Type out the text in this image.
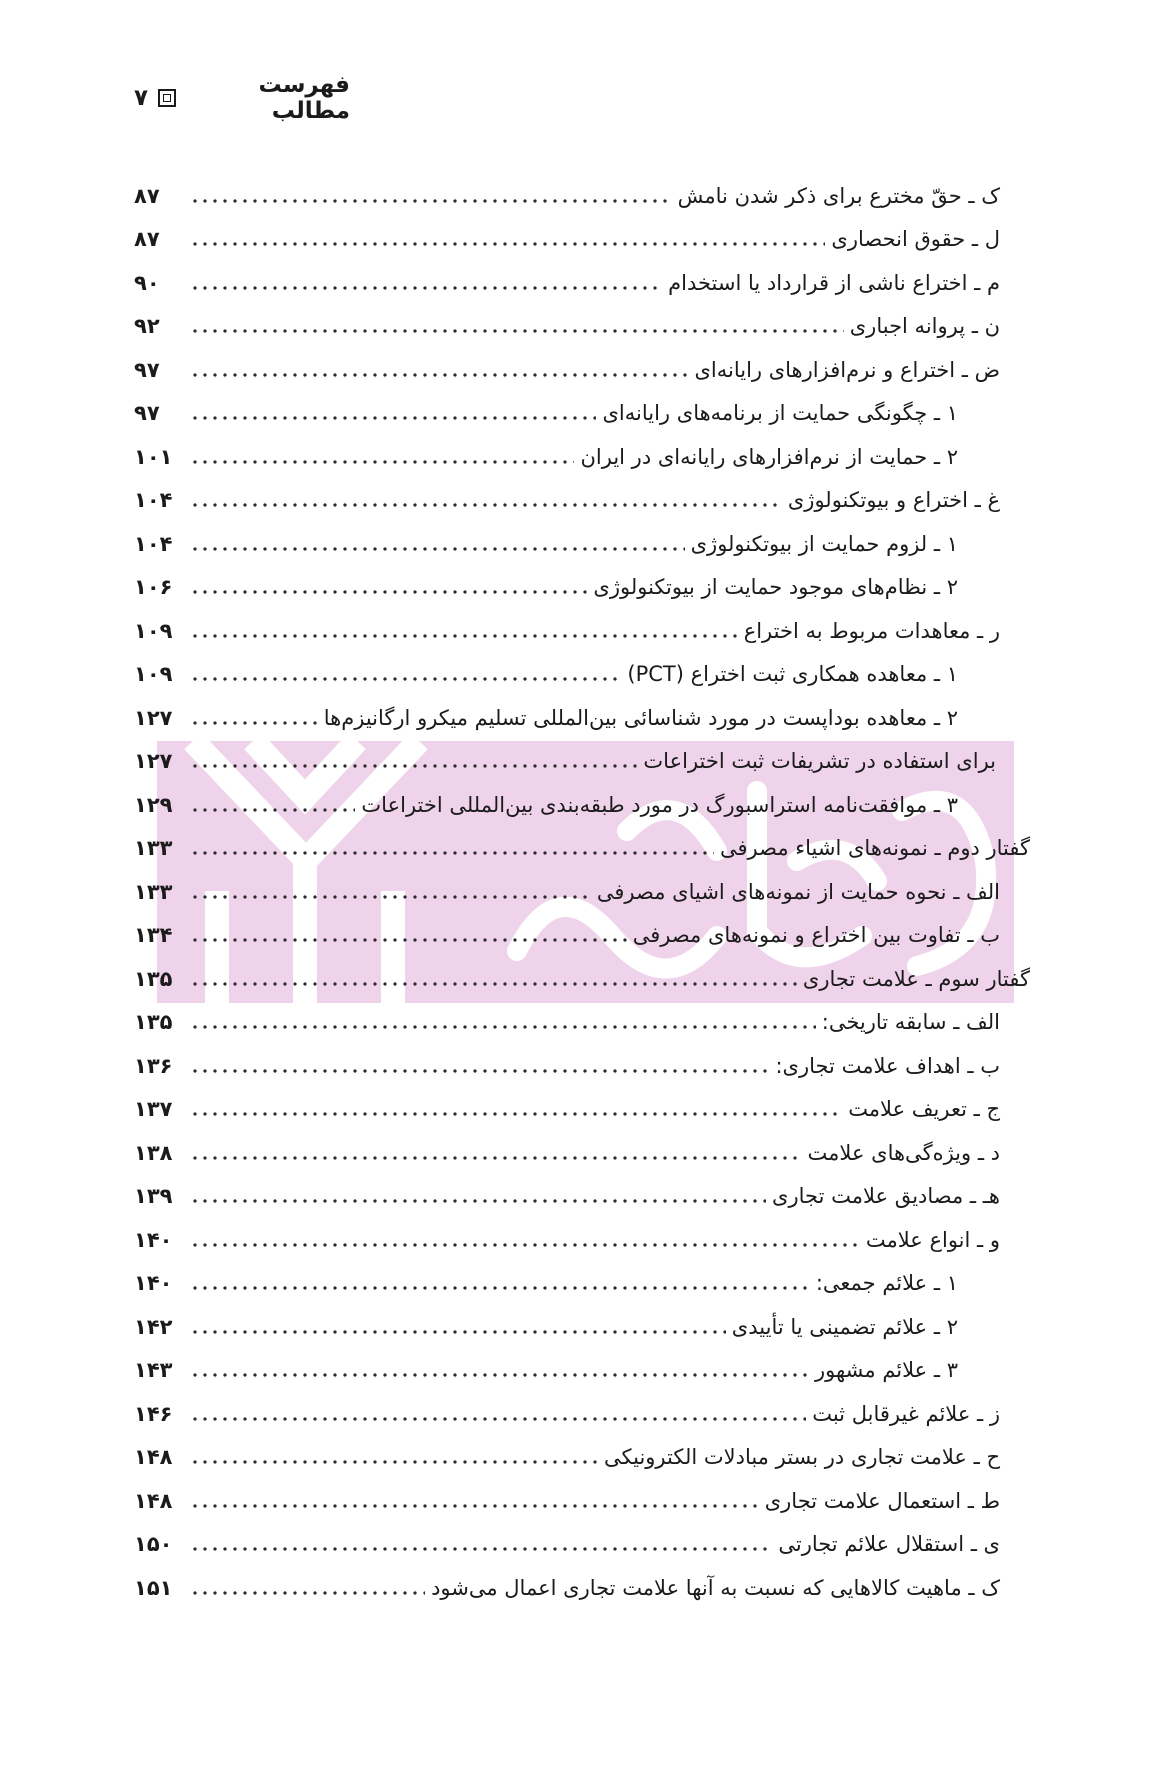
فهرست مطالب
۷
ک ـ حقّ مخترع برای ذکر شدن نامش
۸۷
ل ـ حقوق انحصاری
۸۷
م ـ اختراع ناشی از قرارداد یا استخدام
۹۰
ن ـ پروانه اجباری
۹۲
ض ـ اختراع و نرم‌افزارهای رایانه‌ای
۹۷
۱ ـ چگونگی حمایت از برنامه‌های رایانه‌ای
۹۷
۲ ـ حمایت از نرم‌افزارهای رایانه‌ای در ایران
۱۰۱
غ ـ اختراع و بیوتکنولوژی
۱۰۴
۱ ـ لزوم حمایت از بیوتکنولوژی
۱۰۴
۲ ـ نظام‌های موجود حمایت از بیوتکنولوژی
۱۰۶
ر ـ معاهدات مربوط به اختراع
۱۰۹
۱ ـ معاهده همکاری ثبت اختراع (PCT)
۱۰۹
۲ ـ معاهده بوداپست در مورد شناسائی بین‌المللی تسلیم میکرو ارگانیزم‌ها
۱۲۷
برای استفاده در تشریفات ثبت اختراعات
۱۲۷
۳ ـ موافقت‌نامه استراسبورگ در مورد طبقه‌بندی بین‌المللی اختراعات
۱۲۹
گفتار دوم ـ نمونه‌های اشیاء مصرفی
۱۳۳
الف ـ نحوه حمایت از نمونه‌های اشیای مصرفی
۱۳۳
ب ـ تفاوت بین اختراع و نمونه‌های مصرفی
۱۳۴
گفتار سوم ـ علامت تجاری
۱۳۵
الف ـ سابقه تاریخی:
۱۳۵
ب ـ اهداف علامت تجاری:
۱۳۶
ج ـ تعریف علامت
۱۳۷
د ـ ویژه‌گی‌های علامت
۱۳۸
هـ ـ مصادیق علامت تجاری
۱۳۹
و ـ انواع علامت
۱۴۰
۱ ـ علائم جمعی:
۱۴۰
۲ ـ علائم تضمینی یا تأییدی
۱۴۲
۳ ـ علائم مشهور
۱۴۳
ز ـ علائم غیرقابل ثبت
۱۴۶
ح ـ علامت تجاری در بستر مبادلات الکترونیکی
۱۴۸
ط ـ استعمال علامت تجاری
۱۴۸
ی ـ استقلال علائم تجارتی
۱۵۰
ک ـ ماهیت کالاهایی که نسبت به آنها علامت تجاری اعمال می‌شود
۱۵۱
